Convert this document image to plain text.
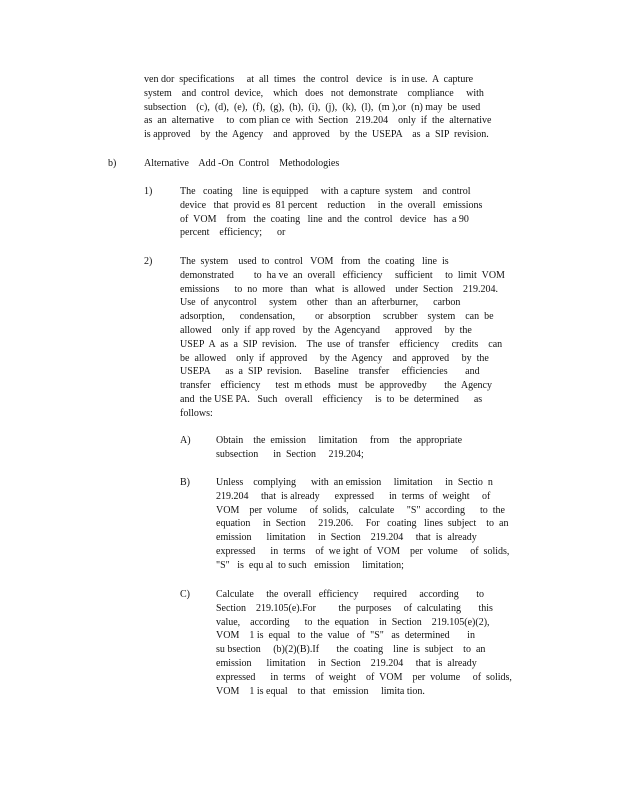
ven dor  specifications     at  all  times   the  control   device   is  in use.  A  capture
system    and  control  device,    which   does   not  demonstrate    compliance     with
subsection    (c),  (d),  (e),  (f),  (g),  (h),  (i),  (j),  (k),  (l),  (m ),or  (n) may  be  used
as  an  alternative     to  com plian ce  with  Section   219.204    only  if  the  alternative
is approved    by  the  Agency    and  approved    by  the  USEPA    as  a  SIP  revision.

b)	Alternative    Add -On  Control    Methodologies
1)	The   coating    line  is equipped     with  a capture  system    and  control
device   that  provid es  81 percent    reduction     in  the  overall   emissions
of  VOM    from   the  coating   line  and  the  control   device   has  a 90
percent    efficiency;      or
2)	The  system    used  to  control   VOM   from   the  coating   line  is
demonstrated        to  ha ve  an  overall   efficiency     sufficient     to  limit  VOM
emissions      to  no  more   than   what   is  allowed    under  Section    219.204.
Use  of  anycontrol     system    other   than  an  afterburner,      carbon
adsorption,      condensation,        or  absorption     scrubber    system    can  be
allowed    only  if  app roved   by  the  Agencyand      approved     by  the
USEP  A  as  a  SIP  revision.    The  use  of  transfer    efficiency     credits    can
be  allowed    only  if  approved     by  the  Agency    and  approved     by  the
USEPA      as  a  SIP  revision.     Baseline    transfer     efficiencies       and
transfer    efficiency      test  m ethods   must   be  approvedby       the  Agency
and  the USE PA.   Such   overall    efficiency     is  to  be  determined      as
follows:
A)	Obtain    the  emission     limitation     from    the  appropriate
subsection      in  Section     219.204;
B)	Unless    complying      with  an emission     limitation     in  Sectio  n
219.204     that  is already      expressed      in  terms  of  weight     of
VOM    per  volume     of  solids,    calculate     "S"  according      to  the
equation     in  Section     219.206.     For   coating   lines  subject    to  an
emission      limitation     in  Section    219.204     that  is  already
expressed      in  terms    of  we ight  of  VOM    per  volume     of  solids,
"S"   is  equ al  to such   emission     limitation;
C)	Calculate     the  overall   efficiency      required     according       to
Section    219.105(e).For         the  purposes     of  calculating       this
value,    according      to  the  equation    in  Section    219.105(e)(2),
VOM    1 is  equal   to  the  value   of  "S"   as  determined       in
su bsection     (b)(2)(B).If       the  coating    line  is  subject    to  an
emission      limitation     in  Section    219.204     that  is  already
expressed      in  terms    of  weight    of  VOM    per  volume     of  solids,
VOM    1 is equal    to  that   emission     limita tion.
